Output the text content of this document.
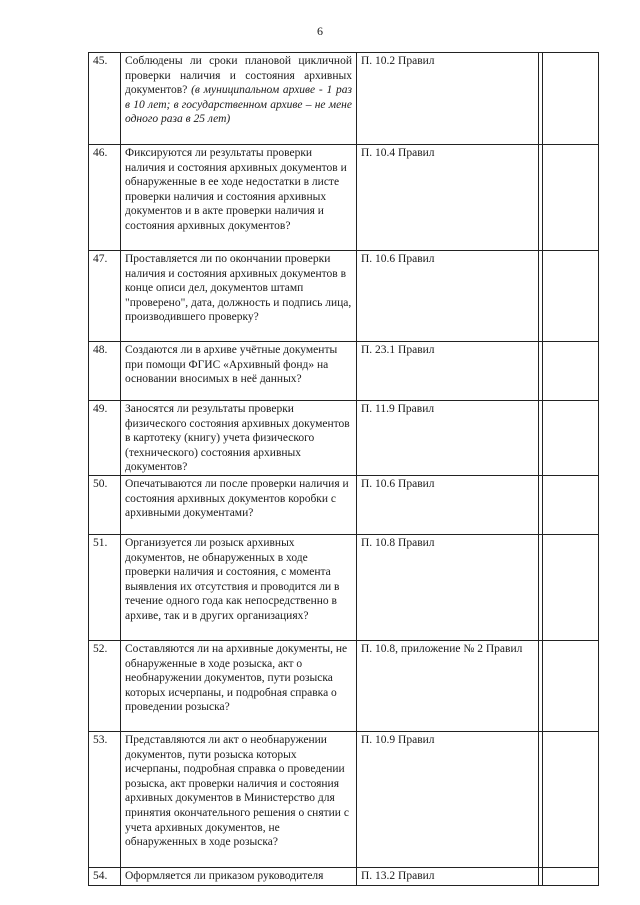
6
45.	Соблюдены ли сроки плановой цикличной проверки наличия и состояния архивных документов? (в муниципальном архиве - 1 раз в 10 лет; в государственном архиве – не мене одного раза в 25 лет)	П. 10.2 Правил		
46.	Фиксируются ли результаты проверки наличия и состояния архивных документов и обнаруженные в ее ходе недостатки в листе проверки наличия и состояния архивных документов и в акте проверки наличия и состояния архивных документов?	П. 10.4 Правил		
47.	Проставляется ли по окончании проверки наличия и состояния архивных документов в конце описи дел, документов штамп "проверено", дата, должность и подпись лица, производившего проверку?	П. 10.6 Правил		
48.	Создаются ли в архиве учётные документы при помощи ФГИС «Архивный фонд» на основании вносимых в неё данных?	П. 23.1 Правил		
49.	Заносятся ли результаты проверки физического состояния архивных документов в картотеку (книгу) учета физического (технического) состояния архивных документов?	П. 11.9 Правил		
50.	Опечатываются ли после проверки наличия и состояния архивных документов коробки с архивными документами?	П. 10.6 Правил		
51.	Организуется ли розыск архивных документов, не обнаруженных в ходе проверки наличия и состояния, с момента выявления их отсутствия и проводится ли в течение одного года как непосредственно в архиве, так и в других организациях?	П. 10.8 Правил		
52.	Составляются ли на архивные документы, не обнаруженные в ходе розыска, акт о необнаружении документов, пути розыска которых исчерпаны, и подробная справка о проведении розыска?	П. 10.8, приложение № 2 Правил		
53.	Представляются ли акт о необнаружении документов, пути розыска которых исчерпаны, подробная справка о проведении розыска, акт проверки наличия и состояния архивных документов в Министерство для принятия окончательного решения о снятии с учета архивных документов, не обнаруженных в ходе розыска?	П. 10.9 Правил		
54.	Оформляется ли приказом руководителя	П. 13.2 Правил		
